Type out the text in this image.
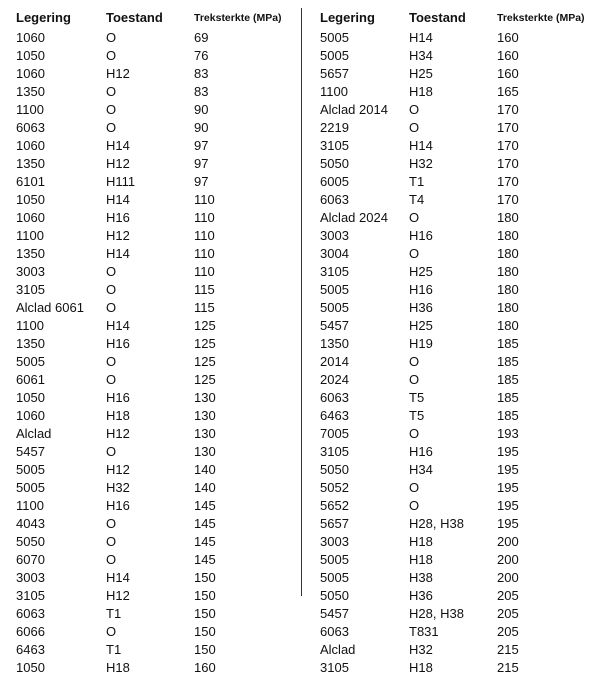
Legering	Toestand	Treksterkte (MPa)
1060	O	69
1050	O	76
1060	H12	83
1350	O	83
1100	O	90
6063	O	90
1060	H14	97
1350	H12	97
6101	H111	97
1050	H14	110
1060	H16	110
1100	H12	110
1350	H14	110
3003	O	110
3105	O	115
Alclad 6061	O	115
1100	H14	125
1350	H16	125
5005	O	125
6061	O	125
1050	H16	130
1060	H18	130
Alclad	H12	130
5457	O	130
5005	H12	140
5005	H32	140
1100	H16	145
4043	O	145
5050	O	145
6070	O	145
3003	H14	150
3105	H12	150
6063	T1	150
6066	O	150
6463	T1	150
1050	H18	160
Legering	Toestand	Treksterkte (MPa)
5005	H14	160
5005	H34	160
5657	H25	160
1100	H18	165
Alclad 2014	O	170
2219	O	170
3105	H14	170
5050	H32	170
6005	T1	170
6063	T4	170
Alclad 2024	O	180
3003	H16	180
3004	O	180
3105	H25	180
5005	H16	180
5005	H36	180
5457	H25	180
1350	H19	185
2014	O	185
2024	O	185
6063	T5	185
6463	T5	185
7005	O	193
3105	H16	195
5050	H34	195
5052	O	195
5652	O	195
5657	H28, H38	195
3003	H18	200
5005	H18	200
5005	H38	200
5050	H36	205
5457	H28, H38	205
6063	T831	205
Alclad	H32	215
3105	H18	215
